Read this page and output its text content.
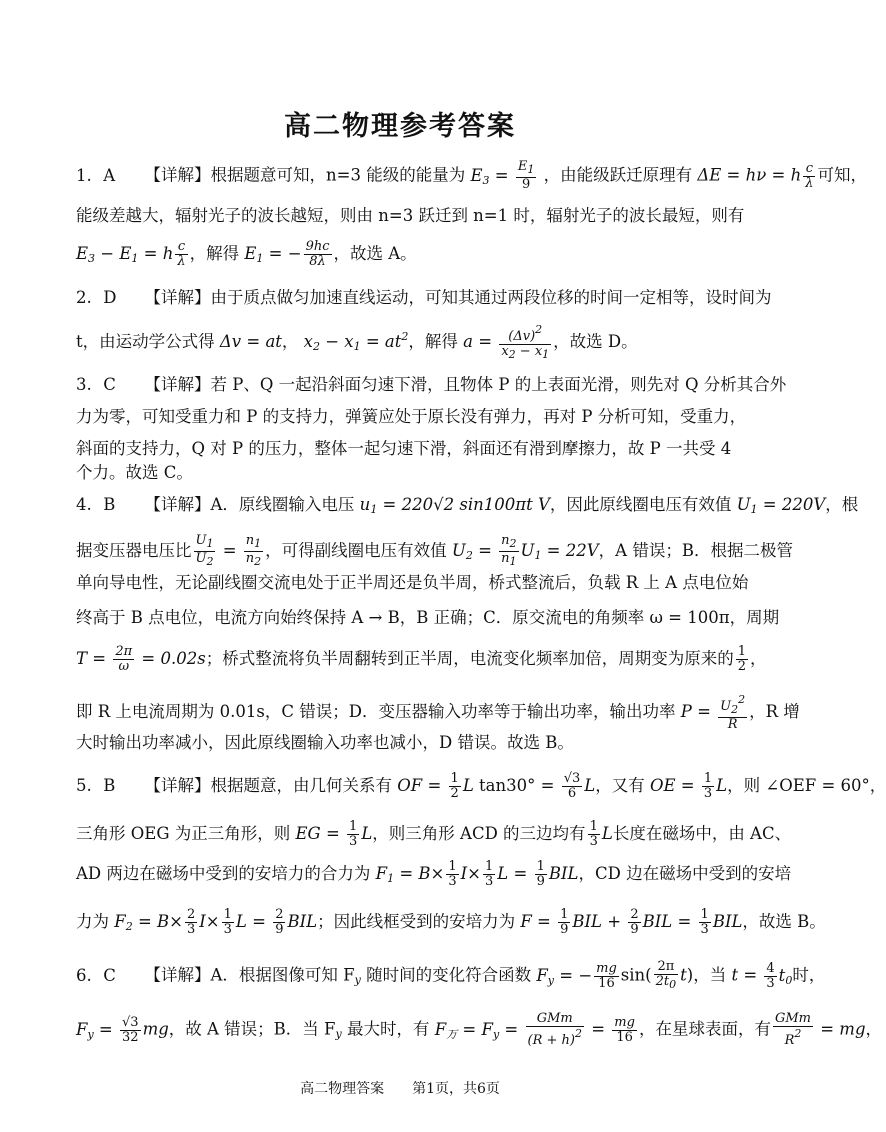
高二物理参考答案
1. A 【详解】根据题意可知，n=3 能级的能量为 $E_3 = \frac{E_1}{9}$ ，由能级跃迁原理有 ΔE = hν = h $\frac{c}{\lambda}$ 可知，
能级差越大，辐射光子的波长越短，则由 n=3 跃迁到 n=1 时，辐射光子的波长最短，则有
$E_3 - E_1 = h \frac{c}{\lambda}$ ，解得 $E_1$ = − $\frac{9hc}{8\lambda}$ ，故选 A。
2. D 【详解】由于质点做匀加速直线运动，可知其通过两段位移的时间一定相等，设时间为
t，由运动学公式得 Δv = at， $x_2 - x_1 = at^2$，解得 $a = \frac{(\Delta v)^2}{x_2 - x_1}$ ，故选 D。
3. C 【详解】若 P、Q 一起沿斜面匀速下滑，且物体 P 的上表面光滑，则先对 Q 分析其合外
力为零，可知受重力和 P 的支持力，弹簧应处于原长没有弹力，再对 P 分析可知，受重力，
斜面的支持力，Q 对 P 的压力，整体一起匀速下滑，斜面还有滑到摩擦力，故 P 一共受 4
个力。故选 C。
4. B 【详解】A．原线圈输入电压 $u_1 = 220√2$ sin100πt V，因此原线圈电压有效值 $U_1 = 220V$，根
据变压器电压比 $\frac{U_1}{U_2} = \frac{n_1}{n_2}$ ，可得副线圈电压有效值 $U_2 = \frac{n_2}{n_1} U_1 = 22V$，A 错误；B．根据二极管
单向导电性，无论副线圈交流电处于正半周还是负半周，桥式整流后，负载 R 上 A 点电位始
终高于 B 点电位，电流方向始终保持 A → B，B 正确；C．原交流电的角频率 ω = 100π，周期
$T = \frac{2\pi}{\omega} = 0.02s$；桥式整流将负半周翻转到正半周，电流变化频率加倍，周期变为原来的 $\frac{1}{2}$ ，
即 R 上电流周期为 0.01s，C 错误；D．变压器输入功率等于输出功率，输出功率 $P = \frac{U_2^2}{R}$ ，R 增
大时输出功率减小，因此原线圈输入功率也减小，D 错误。故选 B。
5. B 【详解】根据题意，由几何关系有 OF = $\frac{1}{2}$ L $\tan 30^\circ = \frac{√3}{6}$ L，又有 OE = $\frac{1}{3}$ L，则 ∠OEF = 60°，
三角形 OEG 为正三角形，则 EG = $\frac{1}{3}$ L，则三角形 ACD 的三边均有 $\frac{1}{3}$ L长度在磁场中，由 AC、
AD 两边在磁场中受到的安培力的合力为 $F_1 = B\times \frac{1}{3} I\times \frac{1}{3}$ $L = \frac{1}{9}$ BIL，CD 边在磁场中受到的安培
力为 $F_2 = B\times \frac{2}{3} I\times \frac{1}{3}$ $L = \frac{2}{9}$ BIL；因此线框受到的安培力为 $F = \frac{1}{9}$ BIL + $\frac{2}{9}$ BIL = $\frac{1}{3}$ BIL，故选 B。
6. C 【详解】A．根据图像可知 $F_y$ 随时间的变化符合函数 $F_y$ = − $\frac{mg}{16} \sin( \frac{2\pi}{2t_0} t)$，当 $t = \frac{4}{3} t_0$时，
$F_y = \frac{√3}{32}$ mg，故 A 错误；B．当 $F_y$ 最大时，有 $F_万 = F_y = \frac{\text{GMm}}{(R + h)^2} = \frac{mg}{16}$ ，在星球表面，有 $\frac{\text{GMm}}{R^2}$ = mg，
高二物理答案　　第1页，共6页
